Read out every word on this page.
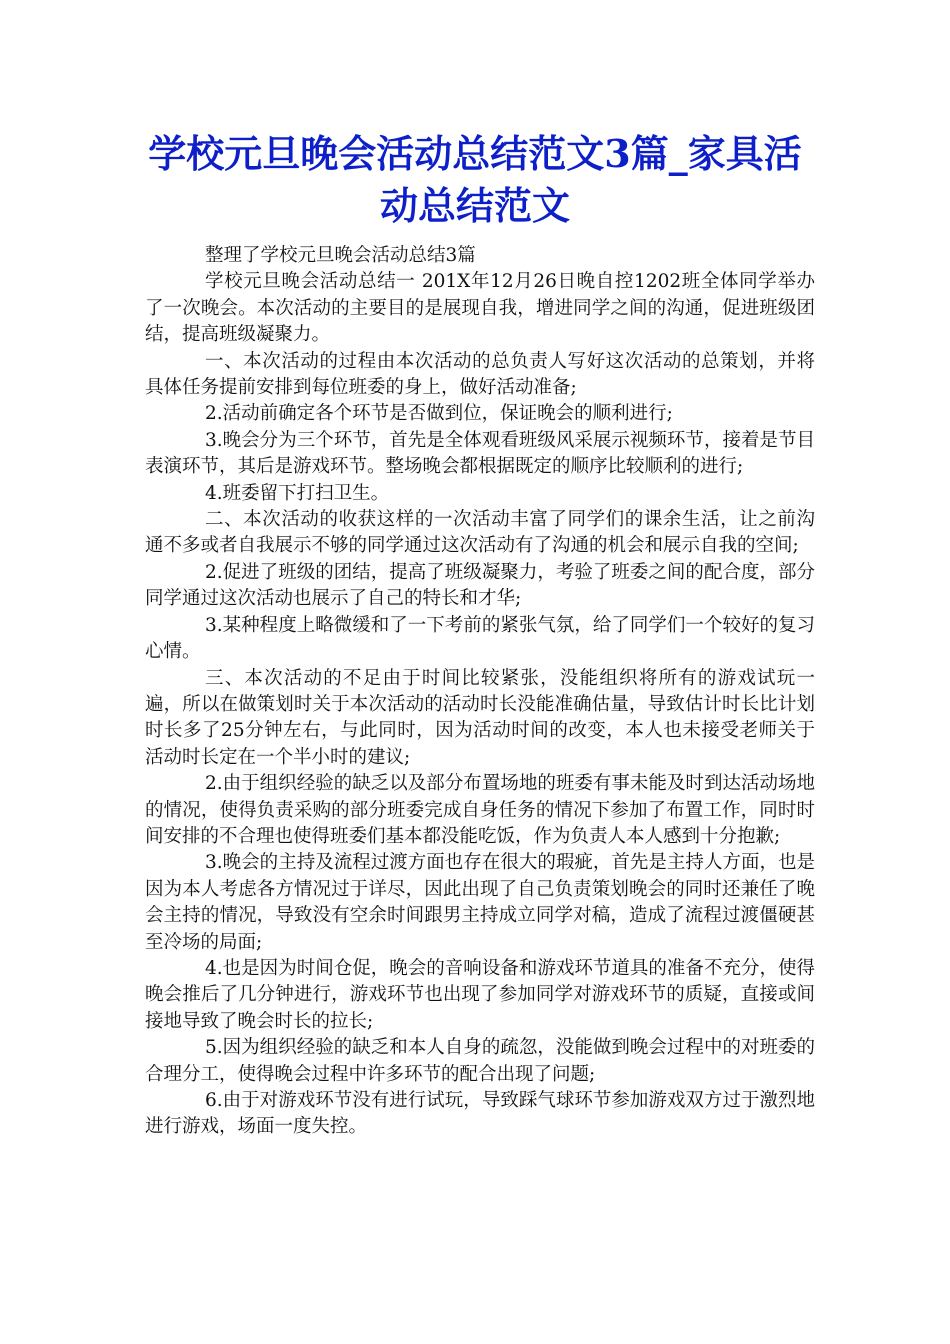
学校元旦晚会活动总结范文3篇_家具活动总结范文

整理了学校元旦晚会活动总结3篇

学校元旦晚会活动总结一 201X年12月26日晚自控1202班全体同学举办了一次晚会。本次活动的主要目的是展现自我，增进同学之间的沟通，促进班级团结，提高班级凝聚力。

一、本次活动的过程由本次活动的总负责人写好这次活动的总策划，并将具体任务提前安排到每位班委的身上，做好活动准备;

2.活动前确定各个环节是否做到位，保证晚会的顺利进行;

3.晚会分为三个环节，首先是全体观看班级风采展示视频环节，接着是节目表演环节，其后是游戏环节。整场晚会都根据既定的顺序比较顺利的进行;

4.班委留下打扫卫生。

二、本次活动的收获这样的一次活动丰富了同学们的课余生活，让之前沟通不多或者自我展示不够的同学通过这次活动有了沟通的机会和展示自我的空间;

2.促进了班级的团结，提高了班级凝聚力，考验了班委之间的配合度，部分同学通过这次活动也展示了自己的特长和才华;

3.某种程度上略微缓和了一下考前的紧张气氛，给了同学们一个较好的复习心情。

三、本次活动的不足由于时间比较紧张，没能组织将所有的游戏试玩一遍，所以在做策划时关于本次活动的活动时长没能准确估量，导致估计时长比计划时长多了25分钟左右，与此同时，因为活动时间的改变，本人也未接受老师关于活动时长定在一个半小时的建议;

2.由于组织经验的缺乏以及部分布置场地的班委有事未能及时到达活动场地的情况，使得负责采购的部分班委完成自身任务的情况下参加了布置工作，同时时间安排的不合理也使得班委们基本都没能吃饭，作为负责人本人感到十分抱歉;

3.晚会的主持及流程过渡方面也存在很大的瑕疵，首先是主持人方面，也是因为本人考虑各方情况过于详尽，因此出现了自己负责策划晚会的同时还兼任了晚会主持的情况，导致没有空余时间跟男主持成立同学对稿，造成了流程过渡僵硬甚至冷场的局面;

4.也是因为时间仓促，晚会的音响设备和游戏环节道具的准备不充分，使得晚会推后了几分钟进行，游戏环节也出现了参加同学对游戏环节的质疑，直接或间接地导致了晚会时长的拉长;

5.因为组织经验的缺乏和本人自身的疏忽，没能做到晚会过程中的对班委的合理分工，使得晚会过程中许多环节的配合出现了问题;

6.由于对游戏环节没有进行试玩，导致踩气球环节参加游戏双方过于激烈地进行游戏，场面一度失控。
